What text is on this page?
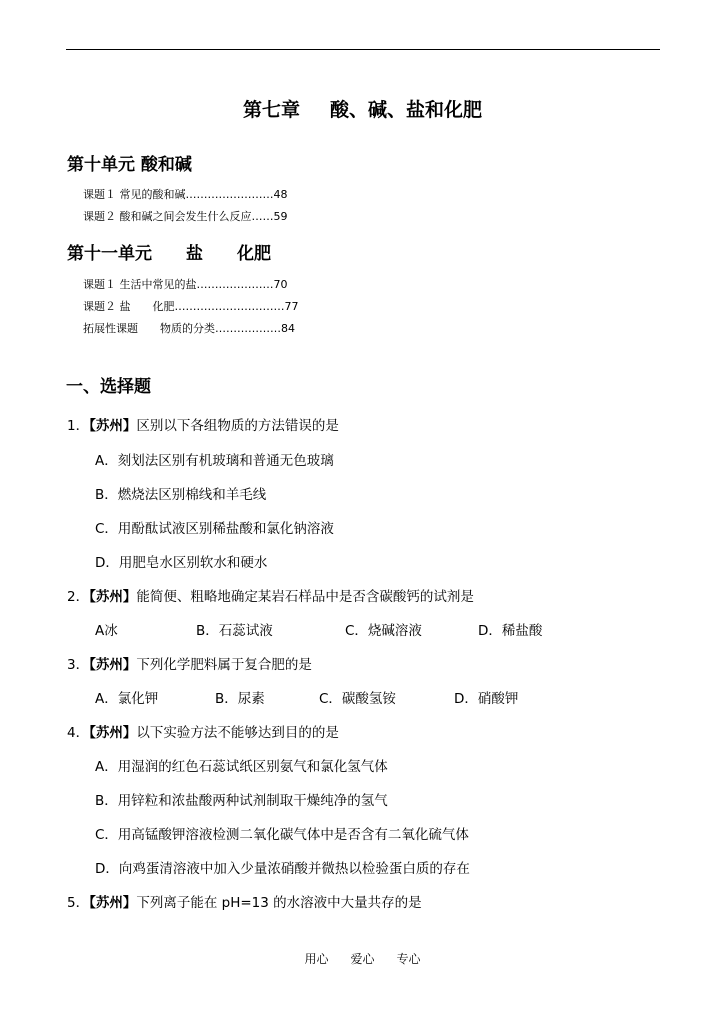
第七章 酸、碱、盐和化肥
第十单元 酸和碱
课题１ 常见的酸和碱……………………48
课题２ 酸和碱之间会发生什么反应……59
第十一单元　　盐　　化肥
课题１ 生活中常见的盐…………………70
课题２ 盐　　化肥…………………………77
拓展性课题　　物质的分类………………84
一、选择题
1．【苏州】区别以下各组物质的方法错误的是
A．刻划法区别有机玻璃和普通无色玻璃
B．燃烧法区别棉线和羊毛线
C．用酚酞试液区别稀盐酸和氯化钠溶液
D．用肥皂水区别软水和硬水
2．【苏州】能简便、粗略地确定某岩石样品中是否含碳酸钙的试剂是
A冰	B．石蕊试液	C．烧碱溶液	D．稀盐酸
3．【苏州】下列化学肥料属于复合肥的是
A．氯化钾	B．尿素	C．碳酸氢铵	D．硝酸钾
4．【苏州】以下实验方法不能够达到目的的是
A．用湿润的红色石蕊试纸区别氨气和氯化氢气体
B．用锌粒和浓盐酸两种试剂制取干燥纯净的氢气
C．用高锰酸钾溶液检测二氧化碳气体中是否含有二氧化硫气体
D．向鸡蛋清溶液中加入少量浓硝酸并微热以检验蛋白质的存在
5．【苏州】下列离子能在 pH=13 的水溶液中大量共存的是
用心 爱心 专心
